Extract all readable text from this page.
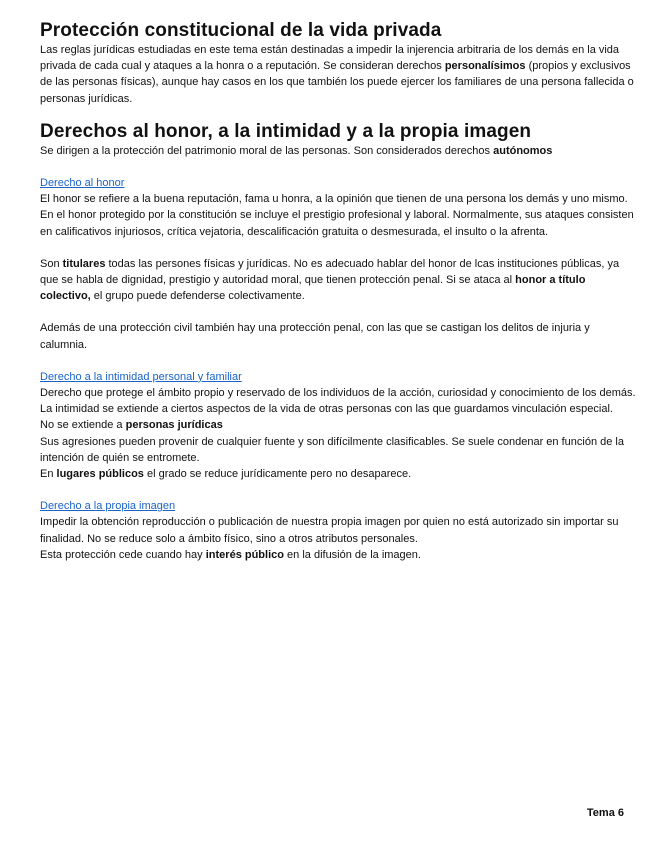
Protección constitucional de la vida privada

Las reglas jurídicas estudiadas en este tema están destinadas a impedir la injerencia arbitraria de los demás en la vida privada de cada cual y ataques a la honra o a reputación. Se consideran derechos personalísimos (propios y exclusivos de las personas físicas), aunque hay casos en los que también los puede ejercer los familiares de una persona fallecida o personas jurídicas.

Derechos al honor, a la intimidad y a la propia imagen

Se dirigen a la protección del patrimonio moral de las personas. Son considerados derechos autónomos

Derecho al honor

El honor se refiere a la buena reputación, fama u honra, a la opinión que tienen de una persona los demás y uno mismo. En el honor protegido por la constitución se incluye el prestigio profesional y laboral. Normalmente, sus ataques consisten en calificativos injuriosos, crítica vejatoria, descalificación gratuita o desmesurada, el insulto o la afrenta.

Son titulares todas las persones físicas y jurídicas. No es adecuado hablar del honor de lcas instituciones públicas, ya que se habla de dignidad, prestigio y autoridad moral, que tienen protección penal. Si se ataca al honor a título colectivo, el grupo puede defenderse colectivamente.

Además de una protección civil también hay una protección penal, con las que se castigan los delitos de injuria y calumnia.

Derecho a la intimidad personal y familiar

Derecho que protege el ámbito propio y reservado de los individuos de la acción, curiosidad y conocimiento de los demás.

La intimidad se extiende a ciertos aspectos de la vida de otras personas con las que guardamos vinculación especial.

No se extiende a personas jurídicas

Sus agresiones pueden provenir de cualquier fuente y son difícilmente clasificables. Se suele condenar en función de la intención de quién se entromete.

En lugares públicos el grado se reduce jurídicamente pero no desaparece.

Derecho a la propia imagen

Impedir la obtención reproducción o publicación de nuestra propia imagen por quien no está autorizado sin importar su finalidad. No se reduce solo a ámbito físico, sino a otros atributos personales.

Esta protección cede cuando hay interés público en la difusión de la imagen.

Tema 6
